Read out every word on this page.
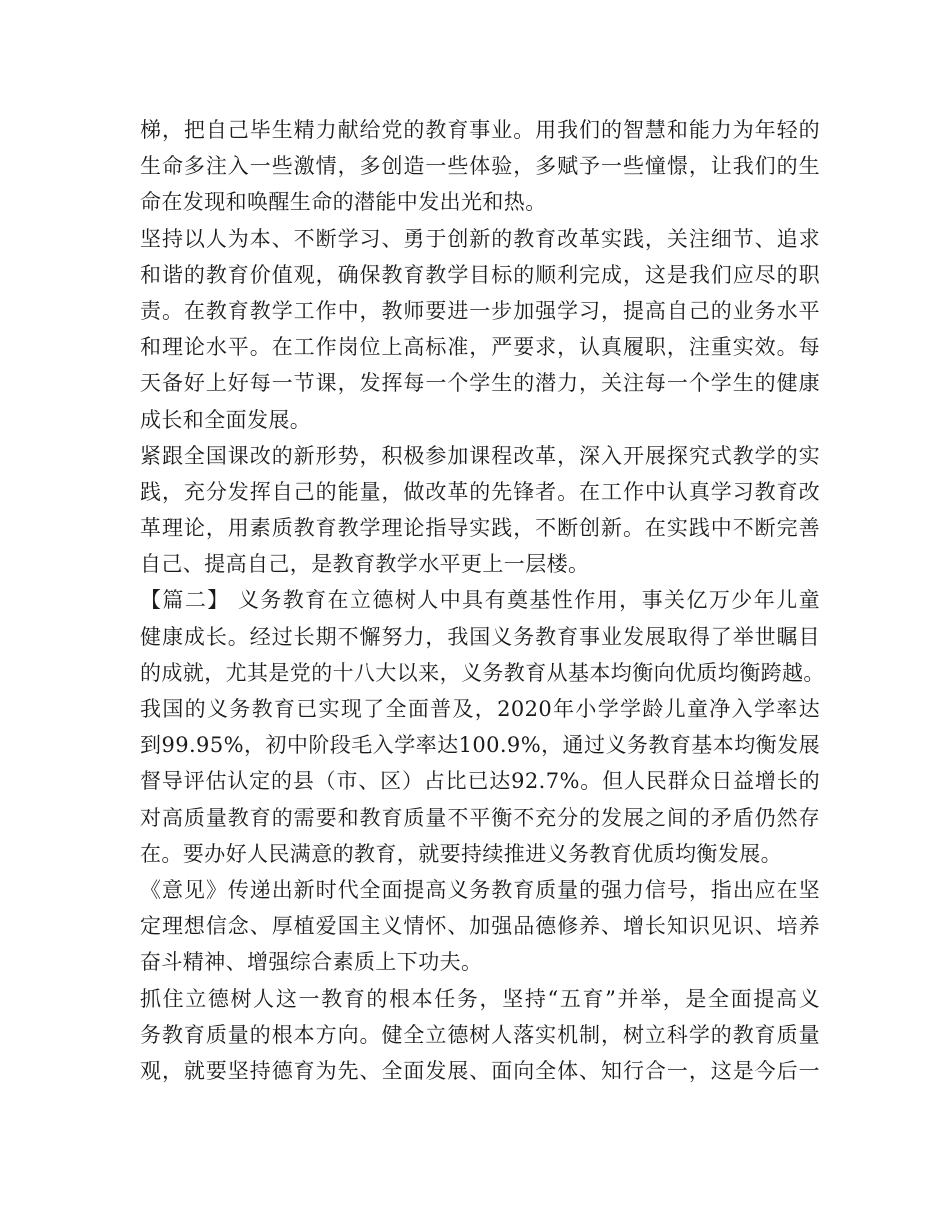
梯，把自己毕生精力献给党的教育事业。用我们的智慧和能力为年轻的
生命多注入一些激情，多创造一些体验，多赋予一些憧憬，让我们的生
命在发现和唤醒生命的潜能中发出光和热。
坚持以人为本、不断学习、勇于创新的教育改革实践，关注细节、追求
和谐的教育价值观，确保教育教学目标的顺利完成，这是我们应尽的职
责。在教育教学工作中，教师要进一步加强学习，提高自己的业务水平
和理论水平。在工作岗位上高标准，严要求，认真履职，注重实效。每
天备好上好每一节课，发挥每一个学生的潜力，关注每一个学生的健康
成长和全面发展。
紧跟全国课改的新形势，积极参加课程改革，深入开展探究式教学的实
践，充分发挥自己的能量，做改革的先锋者。在工作中认真学习教育改
革理论，用素质教育教学理论指导实践，不断创新。在实践中不断完善
自己、提高自己，是教育教学水平更上一层楼。
【篇二】 义务教育在立德树人中具有奠基性作用，事关亿万少年儿童
健康成长。经过长期不懈努力，我国义务教育事业发展取得了举世瞩目
的成就，尤其是党的十八大以来，义务教育从基本均衡向优质均衡跨越。
我国的义务教育已实现了全面普及，2020年小学学龄儿童净入学率达
到99.95%，初中阶段毛入学率达100.9%，通过义务教育基本均衡发展
督导评估认定的县（市、区）占比已达92.7%。但人民群众日益增长的
对高质量教育的需要和教育质量不平衡不充分的发展之间的矛盾仍然存
在。要办好人民满意的教育，就要持续推进义务教育优质均衡发展。
《意见》传递出新时代全面提高义务教育质量的强力信号，指出应在坚
定理想信念、厚植爱国主义情怀、加强品德修养、增长知识见识、培养
奋斗精神、增强综合素质上下功夫。
抓住立德树人这一教育的根本任务，坚持“五育”并举，是全面提高义
务教育质量的根本方向。健全立德树人落实机制，树立科学的教育质量
观，就要坚持德育为先、全面发展、面向全体、知行合一，这是今后一
